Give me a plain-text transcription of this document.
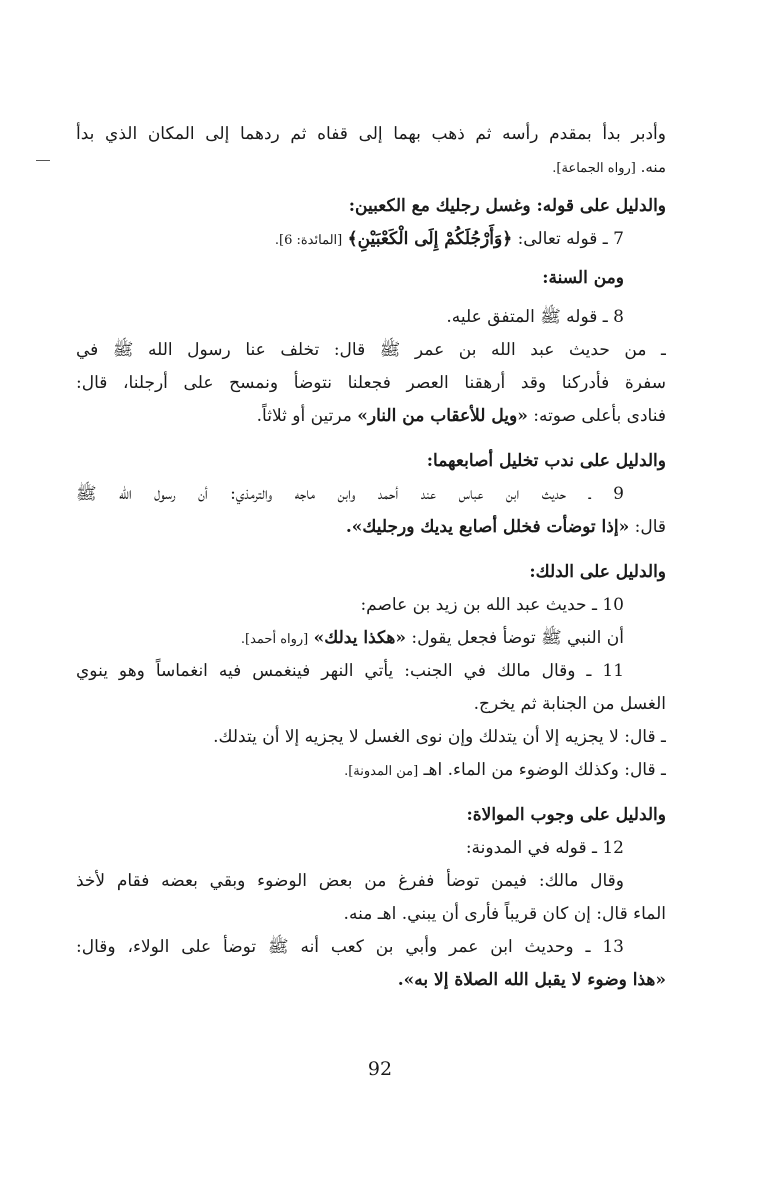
وأدبر بدأ بمقدم رأسه ثم ذهب بهما إلى قفاه ثم ردهما إلى المكان الذي بدأ
منه. [رواه الجماعة].
والدليل على قوله: وغسل رجليك مع الكعبين:
7 ـ قوله تعالى: ﴿وَأَرْجُلَكُمْ إِلَى الْكَعْبَيْنِ﴾ [المائدة: 6].
ومن السنة:
8 ـ قوله ﷺ المتفق عليه.
ـ من حديث عبد الله بن عمر ﷺ قال: تخلف عنا رسول الله ﷺ في
سفرة فأدركنا وقد أرهقنا العصر فجعلنا نتوضأ ونمسح على أرجلنا، قال:
فنادى بأعلى صوته: «ويل للأعقاب من النار» مرتين أو ثلاثاً.
والدليل على ندب تخليل أصابعهما:
9 ـ حديث ابن عباس عند أحمد وابن ماجه والترمذي: أن رسول الله ﷺ
قال: «إذا توضأت فخلل أصابع يديك ورجليك».
والدليل على الدلك:
10 ـ حديث عبد الله بن زيد بن عاصم:
أن النبي ﷺ توضأ فجعل يقول: «هكذا يدلك» [رواه أحمد].
11 ـ وقال مالك في الجنب: يأتي النهر فينغمس فيه انغماساً وهو ينوي
الغسل من الجنابة ثم يخرج.
ـ قال: لا يجزيه إلا أن يتدلك وإن نوى الغسل لا يجزيه إلا أن يتدلك.
ـ قال: وكذلك الوضوء من الماء. اهـ [من المدونة].
والدليل على وجوب الموالاة:
12 ـ قوله في المدونة:
وقال مالك: فيمن توضأ ففرغ من بعض الوضوء وبقي بعضه فقام لأخذ
الماء قال: إن كان قريباً فأرى أن يبني. اهـ منه.
13 ـ وحديث ابن عمر وأبي بن كعب أنه ﷺ توضأ على الولاء، وقال:
«هذا وضوء لا يقبل الله الصلاة إلا به».
92
